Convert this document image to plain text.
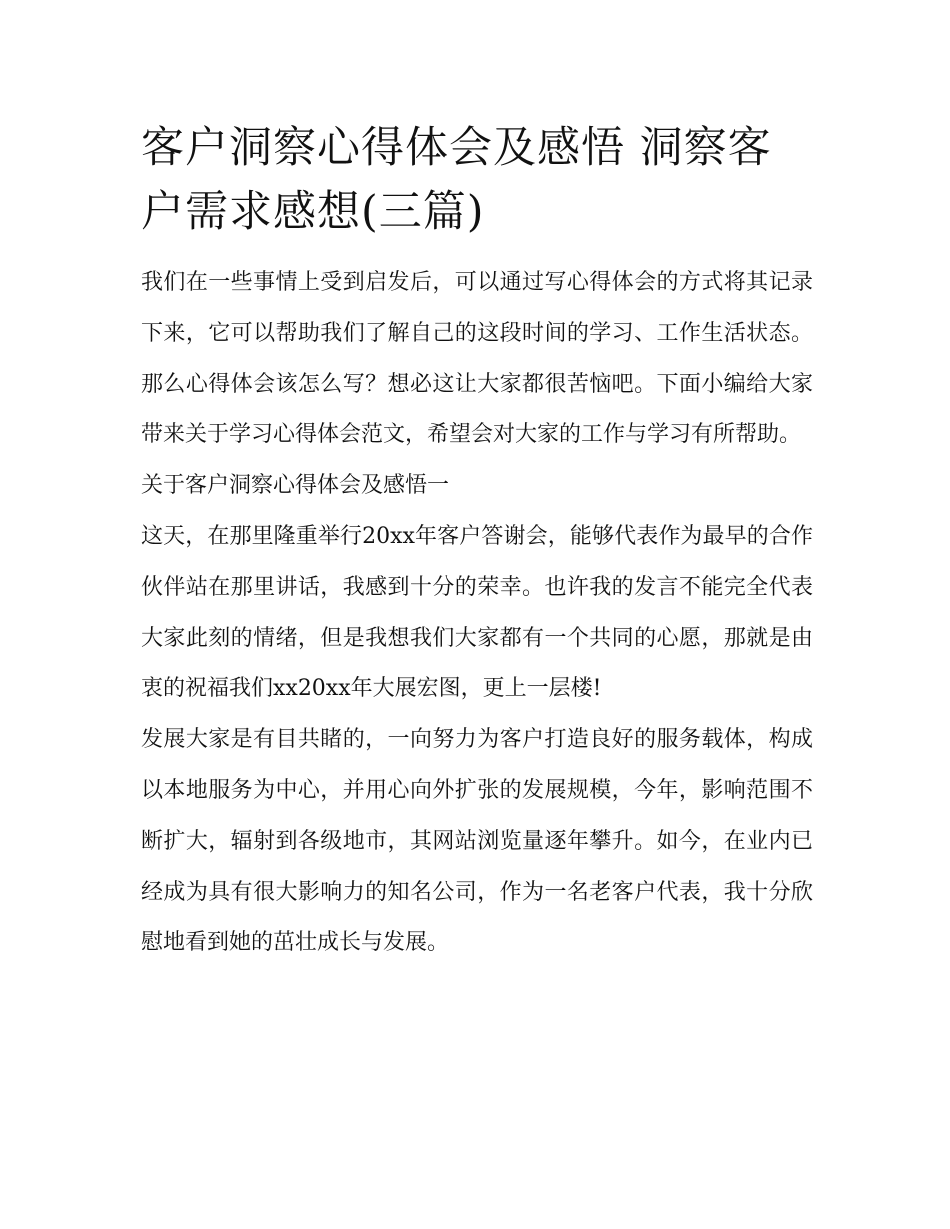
客户洞察心得体会及感悟 洞察客户需求感想(三篇)

我们在一些事情上受到启发后，可以通过写心得体会的方式将其记录下来，它可以帮助我们了解自己的这段时间的学习、工作生活状态。那么心得体会该怎么写？想必这让大家都很苦恼吧。下面小编给大家带来关于学习心得体会范文，希望会对大家的工作与学习有所帮助。

关于客户洞察心得体会及感悟一

这天，在那里隆重举行20xx年客户答谢会，能够代表作为最早的合作伙伴站在那里讲话，我感到十分的荣幸。也许我的发言不能完全代表大家此刻的情绪，但是我想我们大家都有一个共同的心愿，那就是由衷的祝福我们xx20xx年大展宏图，更上一层楼!

发展大家是有目共睹的，一向努力为客户打造良好的服务载体，构成以本地服务为中心，并用心向外扩张的发展规模，今年，影响范围不断扩大，辐射到各级地市，其网站浏览量逐年攀升。如今，在业内已经成为具有很大影响力的知名公司，作为一名老客户代表，我十分欣慰地看到她的茁壮成长与发展。
